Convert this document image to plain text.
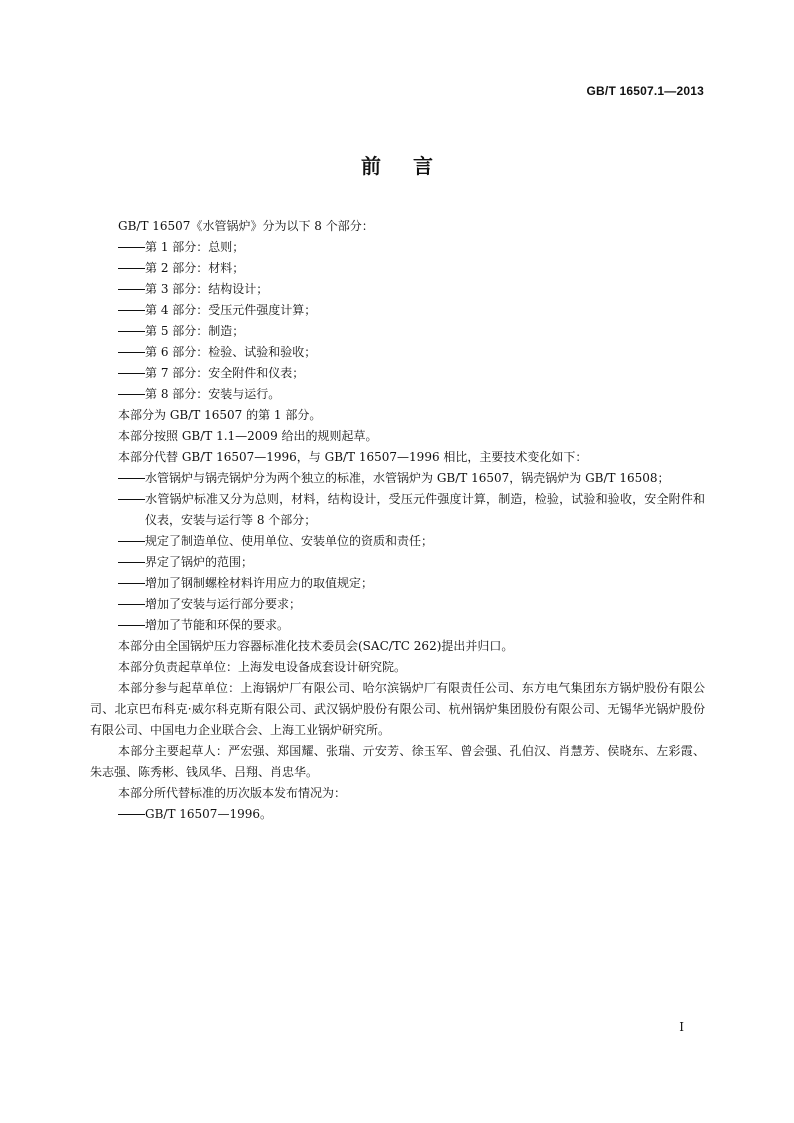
GB/T 16507.1—2013
前言

GB/T 16507《水管锅炉》分为以下 8 个部分：

第 1 部分：总则；

第 2 部分：材料；

第 3 部分：结构设计；

第 4 部分：受压元件强度计算；

第 5 部分：制造；

第 6 部分：检验、试验和验收；

第 7 部分：安全附件和仪表；

第 8 部分：安装与运行。

本部分为 GB/T 16507 的第 1 部分。

本部分按照 GB/T 1.1—2009 给出的规则起草。

本部分代替 GB/T 16507—1996，与 GB/T 16507—1996 相比，主要技术变化如下：

水管锅炉与锅壳锅炉分为两个独立的标准，水管锅炉为 GB/T 16507，锅壳锅炉为 GB/T 16508；

水管锅炉标准又分为总则，材料，结构设计，受压元件强度计算，制造，检验，试验和验收，安全附件和仪表，安装与运行等 8 个部分；

规定了制造单位、使用单位、安装单位的资质和责任；

界定了锅炉的范围；

增加了钢制螺栓材料许用应力的取值规定；

增加了安装与运行部分要求；

增加了节能和环保的要求。

本部分由全国锅炉压力容器标准化技术委员会(SAC/TC 262)提出并归口。

本部分负责起草单位：上海发电设备成套设计研究院。

本部分参与起草单位：上海锅炉厂有限公司、哈尔滨锅炉厂有限责任公司、东方电气集团东方锅炉股份有限公司、北京巴布科克·威尔科克斯有限公司、武汉锅炉股份有限公司、杭州锅炉集团股份有限公司、无锡华光锅炉股份有限公司、中国电力企业联合会、上海工业锅炉研究所。

本部分主要起草人：严宏强、郑国耀、张瑞、亓安芳、徐玉军、曾会强、孔伯汉、肖慧芳、侯晓东、左彩霞、朱志强、陈秀彬、钱凤华、吕翔、肖忠华。

本部分所代替标准的历次版本发布情况为：

GB/T 16507—1996。

I
